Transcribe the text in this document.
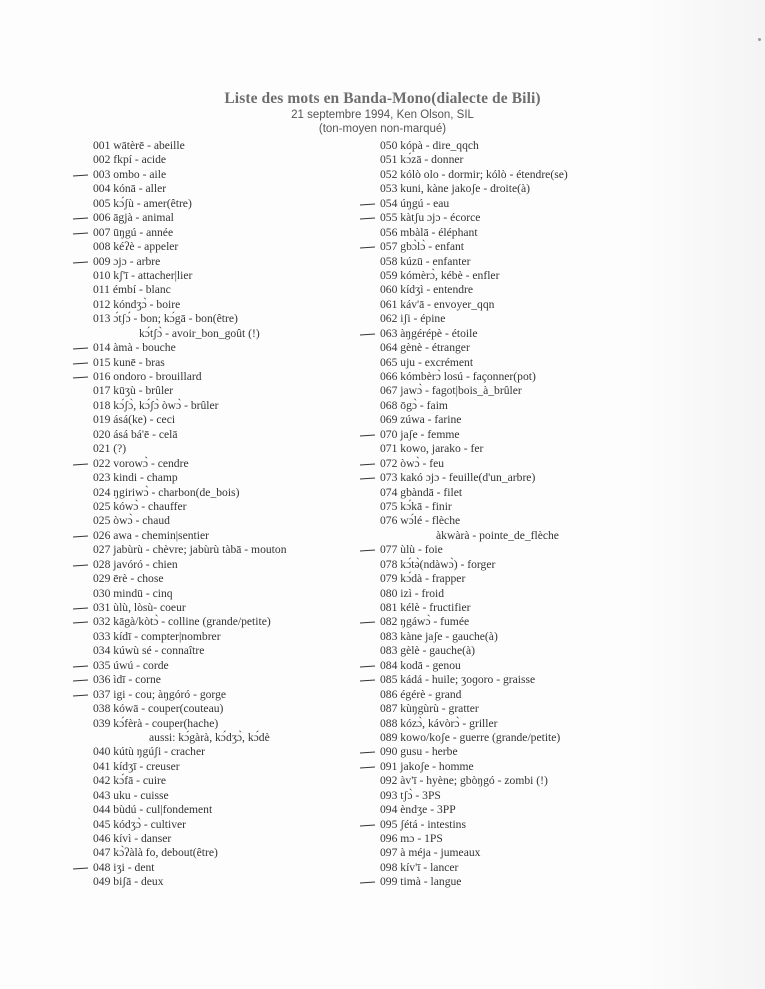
Liste des mots en Banda-Mono(dialecte de Bili)
21 septembre 1994, Ken Olson, SIL
(ton-moyen non-marqué)
001 wātèrē - abeille
002 fkpí - acide
003 ombo - aile
004 kónā - aller
005 kɔ́ʃù - amer(être)
006 āgjà - animal
007 ūŋgú - année
008 kéʔè - appeler
009 ɔjɔ - arbre
010 kʃ'ī - attacher|lier
011 émbí - blanc
012 kóndʒɔ̀ - boire
013 ɔ́tʃɔ́ - bon; kɔ́gā - bon(être)
kɔ́tʃɔ̀ - avoir_bon_goût (!)
014 àmà - bouche
015 kunē - bras
016 ondoro - brouillard
017 kūʒù - brûler
018 kɔ́ʃɔ̀, kɔ́ʃɔ̀ òwɔ̀ - brûler
019 ásá(ke) - ceci
020 ásá bá'ē - celā
021 (?)
022 vorowɔ̀ - cendre
023 kindi - champ
024 ŋgiriwɔ̀ - charbon(de_bois)
025 kówɔ̀ - chauffer
025 òwɔ̀ - chaud
026 awa - chemin|sentier
027 jabùrù - chèvre; jabùrù tàbā - mouton
028 javóró - chien
029 ērè - chose
030 mindū - cinq
031 ùlù, lòsù- coeur
032 kāgà/kòtɔ̀ - colline (grande/petite)
033 kídī - compter|nombrer
034 kúwù sé - connaître
035 úwú - corde
036 ìdī - corne
037 igi - cou; àŋgóró - gorge
038 kówā - couper(couteau)
039 kɔ́fèrà - couper(hache)
aussi: kɔ́gàrà, kɔ́dʒɔ̀, kɔ́dè
040 kútù ŋgúʃi - cracher
041 kídʒī - creuser
042 kɔ́fā - cuire
043 uku - cuisse
044 bùdú - cul|fondement
045 kódʒɔ̀ - cultiver
046 kívì - danser
047 kɔ̀ʔàlà fo, debout(être)
048 iʒi - dent
049 biʃā - deux
050 kópà - dire_qqch
051 kɔ́zā - donner
052 kólò olo - dormir; kólò - étendre(se)
053 kuni, kàne jakoʃe - droite(à)
054 úŋgú - eau
055 kàtʃu ɔjɔ - écorce
056 mbàlā - éléphant
057 gbɔ̀lɔ̀ - enfant
058 kúzū - enfanter
059 kómèrɔ̀, kébè - enfler
060 kídʒì - entendre
061 káv'ā - envoyer_qqn
062 iʃi - épine
063 àŋgérépè - étoile
064 gènè - étranger
065 uju - excrément
066 kómbèrɔ̀ losú - façonner(pot)
067 jawɔ̀ - fagot|bois_à_brûler
068 ōgɔ̀ - faim
069 zúwa - farine
070 jaʃe - femme
071 kowo, jarako - fer
072 òwɔ̀ - feu
073 kakó ɔjɔ - feuille(d'un_arbre)
074 gbàndā - filet
075 kɔ́kā - finir
076 wɔ́lé - flèche
àkwàrà - pointe_de_flèche
077 ùlù - foie
078 kɔ́tə̀(ndàwɔ̀) - forger
079 kɔ́dà - frapper
080 izì - froid
081 kélè - fructifier
082 ŋgáwɔ̀ - fumée
083 kàne jaʃe - gauche(à)
083 gèlè - gauche(à)
084 kodā - genou
085 kádá - huile; ʒoɡoro - graisse
086 égérè - grand
087 kùŋgùrù - gratter
088 kózɔ̀, kávòrɔ̀ - griller
089 kowo/koʃe - guerre (grande/petite)
090 gusu - herbe
091 jakoʃe - homme
092 àv'ī - hyène; gbòŋgó - zombi (!)
093 tʃɔ̀ - 3PS
094 èndʒe - 3PP
095 ʃétá - intestins
096 mɔ - 1PS
097 à méja - jumeaux
098 kív'ī - lancer
099 timà - langue
